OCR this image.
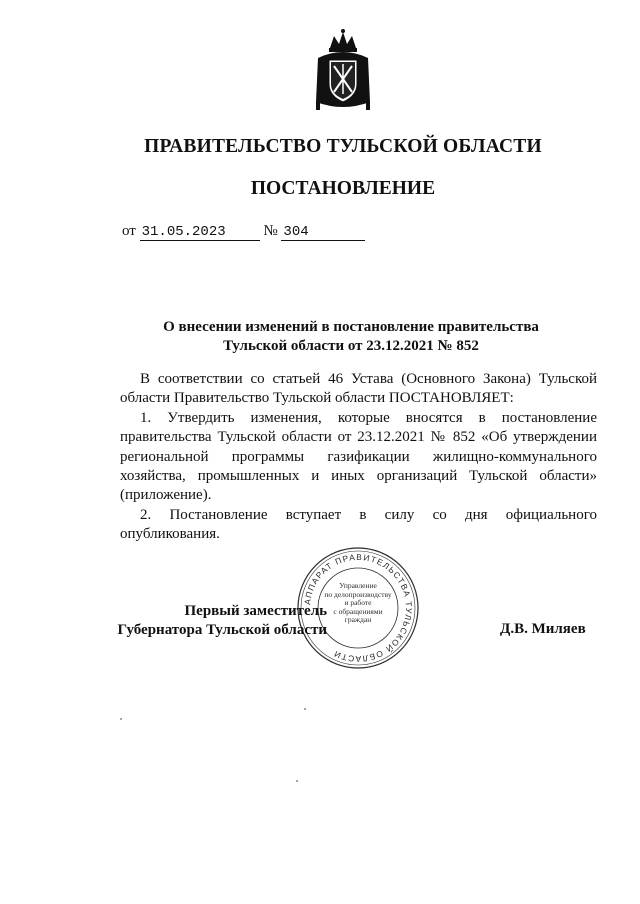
ПРАВИТЕЛЬСТВО ТУЛЬСКОЙ ОБЛАСТИ
ПОСТАНОВЛЕНИЕ
от 31.05.2023	№ 304
О внесении изменений в постановление правительства
Тульской области от 23.12.2021 № 852

В соответствии со статьей 46 Устава (Основного Закона) Тульской области Правительство Тульской области ПОСТАНОВЛЯЕТ:

1. Утвердить изменения, которые вносятся в постановление правительства Тульской области от 23.12.2021 № 852 «Об утверждении региональной программы газификации жилищно-коммунального хозяйства, промышленных и иных организаций Тульской области» (приложение).

2. Постановление вступает в силу со дня официального опубликования.

АППАРАТ ПРАВИТЕЛЬСТВА ТУЛЬСКОЙ ОБЛАСТИ
Управление
по делопроизводству
и работе
с обращениями
граждан
Первый заместитель
Губернатора Тульской области	Д.В. Миляев
